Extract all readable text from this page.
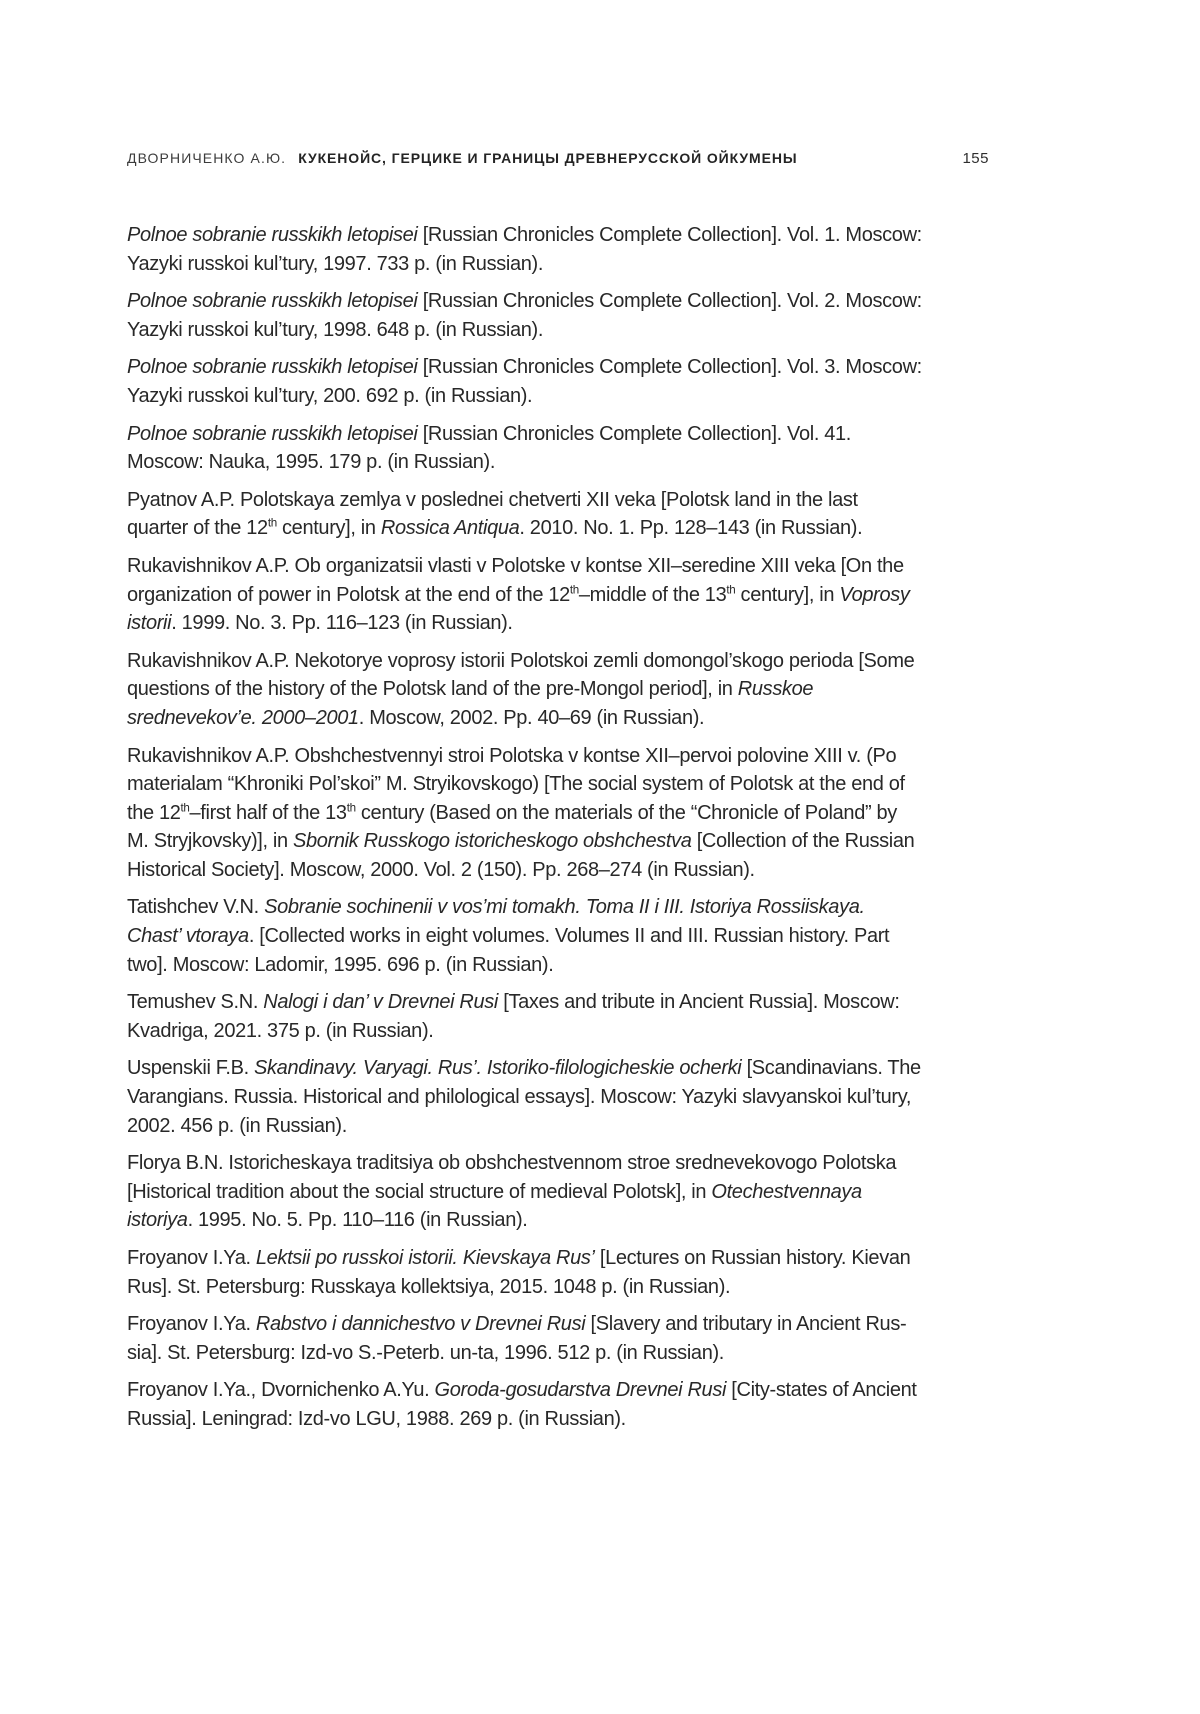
ДВОРНИЧЕНКО А.Ю. КУКЕНОЙС, ГЕРЦИКЕ И ГРАНИЦЫ ДРЕВНЕРУССКОЙ ОЙКУМЕНЫ	155

Polnoe sobranie russkikh letopisei [Russian Chronicles Complete Collection]. Vol. 1. Moscow: Yazyki russkoi kul’tury, 1997. 733 p. (in Russian).

Polnoe sobranie russkikh letopisei [Russian Chronicles Complete Collection]. Vol. 2. Moscow: Yazyki russkoi kul’tury, 1998. 648 p. (in Russian).

Polnoe sobranie russkikh letopisei [Russian Chronicles Complete Collection]. Vol. 3. Moscow: Yazyki russkoi kul’tury, 200. 692 p. (in Russian).

Polnoe sobranie russkikh letopisei [Russian Chronicles Complete Collection]. Vol. 41. Moscow: Nauka, 1995. 179 p. (in Russian).

Pyatnov A.P. Polotskaya zemlya v poslednei chetverti XII veka [Polotsk land in the last quarter of the 12th century], in Rossica Antiqua. 2010. No. 1. Pp. 128–143 (in Russian).

Rukavishnikov A.P. Ob organizatsii vlasti v Polotske v kontse XII–seredine XIII veka [On the organization of power in Polotsk at the end of the 12th–middle of the 13th century], in Voprosy istorii. 1999. No. 3. Pp. 116–123 (in Russian).

Rukavishnikov A.P. Nekotorye voprosy istorii Polotskoi zemli domongol’skogo perioda [Some questions of the history of the Polotsk land of the pre-Mongol period], in Russkoe srednevekov’e. 2000–2001. Moscow, 2002. Pp. 40–69 (in Russian).

Rukavishnikov A.P. Obshchestvennyi stroi Polotska v kontse XII–pervoi polovine XIII v. (Po materialam “Khroniki Pol’skoi” M. Stryikovskogo) [The social system of Polotsk at the end of the 12th–first half of the 13th century (Based on the materials of the “Chronicle of Poland” by M. Stryjkovsky)], in Sbornik Russkogo istoricheskogo obshchestva [Collection of the Russian Historical Society]. Moscow, 2000. Vol. 2 (150). Pp. 268–274 (in Russian).

Tatishchev V.N. Sobranie sochinenii v vos’mi tomakh. Toma II i III. Istoriya Rossiiskaya. Chast’ vtoraya. [Collected works in eight volumes. Volumes II and III. Russian history. Part two]. Moscow: Ladomir, 1995. 696 p. (in Russian).

Temushev S.N. Nalogi i dan’ v Drevnei Rusi [Taxes and tribute in Ancient Russia]. Moscow: Kvadriga, 2021. 375 p. (in Russian).

Uspenskii F.B. Skandinavy. Varyagi. Rus’. Istoriko-filologicheskie ocherki [Scandinavians. The Varangians. Russia. Historical and philological essays]. Moscow: Yazyki slavyanskoi kul’tury, 2002. 456 p. (in Russian).

Florya B.N. Istoricheskaya traditsiya ob obshchestvennom stroe srednevekovogo Polotska [Historical tradition about the social structure of medieval Polotsk], in Otechestvennaya istoriya. 1995. No. 5. Pp. 110–116 (in Russian).

Froyanov I.Ya. Lektsii po russkoi istorii. Kievskaya Rus’ [Lectures on Russian history. Kievan Rus]. St. Petersburg: Russkaya kollektsiya, 2015. 1048 p. (in Russian).

Froyanov I.Ya. Rabstvo i dannichestvo v Drevnei Rusi [Slavery and tributary in Ancient Russia]. St. Petersburg: Izd-vo S.-Peterb. un-ta, 1996. 512 p. (in Russian).

Froyanov I.Ya., Dvornichenko A.Yu. Goroda-gosudarstva Drevnei Rusi [City-states of Ancient Russia]. Leningrad: Izd-vo LGU, 1988. 269 p. (in Russian).
